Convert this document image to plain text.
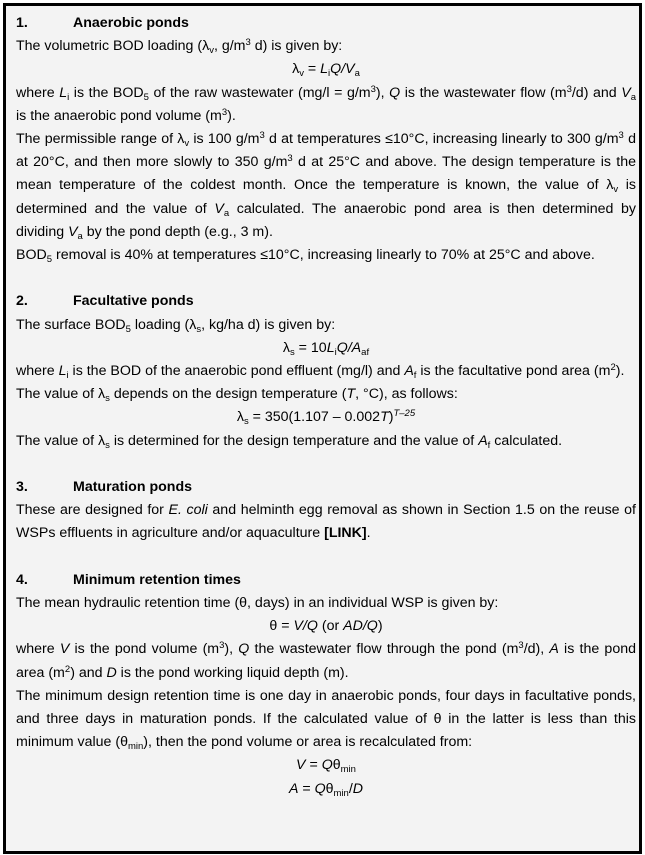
1.	Anaerobic ponds
The volumetric BOD loading ($\lambda_v$, $g/m^3$ d) is given by:
$\lambda_v = L_iQ/V_a$
where $L_i$ is the $BOD_5$ of the raw wastewater $(mg/l = g/m^3)$, Q is the wastewater flow $(m^3/d)$ and $V_a$ is the anaerobic pond volume $(m^3)$.
The permissible range of $\lambda_v$ is 100 $g/m^3$ d at temperatures ≤10°C, increasing linearly to 300 $g/m^3$ d at 20°C, and then more slowly to 350 $g/m^3$ d at 25°C and above. The design temperature is the mean temperature of the coldest month. Once the temperature is known, the value of $\lambda_v$ is determined and the value of $V_a$ calculated. The anaerobic pond area is then determined by dividing $V_a$ by the pond depth (e.g., 3 m).
$BOD_5$ removal is 40% at temperatures ≤10°C, increasing linearly to 70% at 25°C and above.
2.	Facultative ponds
The surface $BOD_5$ loading ($\lambda_s$, kg/ha d) is given by:
$\lambda_s = 10L_iQ/A_{af}$
where $L_i$ is the BOD of the anaerobic pond effluent (mg/l) and $A_f$ is the facultative pond area $(m^2)$.
The value of $\lambda_s$ depends on the design temperature (T, °C), as follows:
$\lambda_s = 350(1.107 - 0.002T)^{T-25}$
The value of $\lambda_s$ is determined for the design temperature and the value of $A_f$ calculated.
3.	Maturation ponds
These are designed for E. coli and helminth egg removal as shown in Section 1.5 on the reuse of WSPs effluents in agriculture and/or aquaculture [LINK].
4.	Minimum retention times
The mean hydraulic retention time (θ, days) in an individual WSP is given by:
θ = V/Q (or AD/Q)
where V is the pond volume $(m^3)$, Q the wastewater flow through the pond $(m^3/d)$, A is the pond area $(m^2)$ and D is the pond working liquid depth (m).
The minimum design retention time is one day in anaerobic ponds, four days in facultative ponds, and three days in maturation ponds. If the calculated value of θ in the latter is less than this minimum value $(\theta_{min})$, then the pond volume or area is recalculated from:
$V = Q\theta_{min}$
$A = Q\theta_{min}/D$
